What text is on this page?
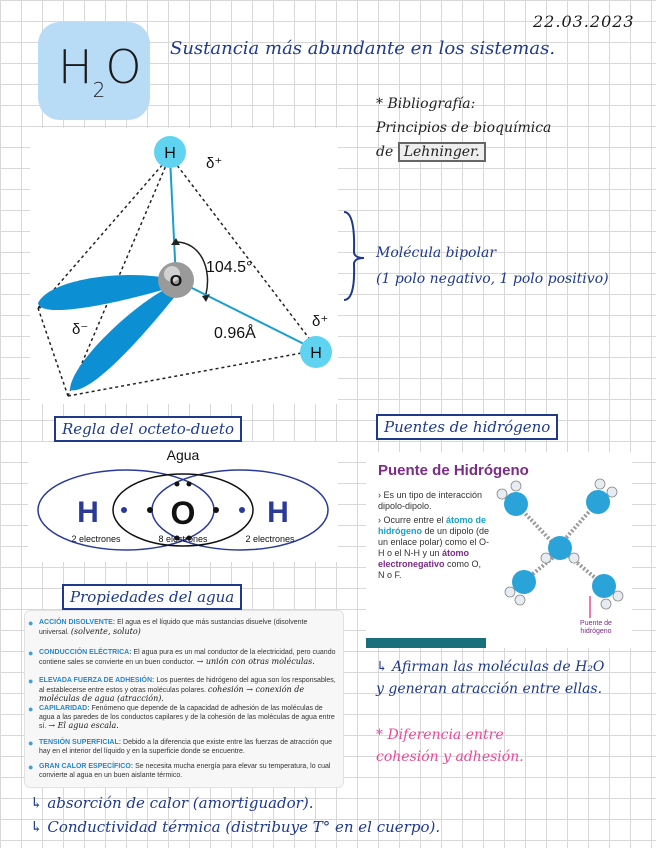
22.03.2023
$H_2O$ Sustancia más abundante en los sistemas.
* Bibliografía:
Principios de bioquímica
de Lehninger.
H
O
H
δ⁺
δ⁺
δ⁻
104.5°
0.96Å
Molécula bipolar
(1 polo negativo, 1 polo positivo)
Regla del octeto-dueto
Agua
H O H
2 electrones	8 electrones	2 electrones
Puentes de hidrógeno
Puente de Hidrógeno
› Es un tipo de interacción dipolo-dipolo.
› Ocurre entre el átomo de hidrógeno de un dipolo (de un enlace polar) como el O-H o el N-H y un átomo electronegativo como O, N o F.
Puente de hidrógeno
Propiedades del agua
● ACCIÓN DISOLVENTE: El agua es el líquido que más sustancias disuelve (disolvente universal. (solvente, soluto)
● CONDUCCIÓN ELÉCTRICA: El agua pura es un mal conductor de la electricidad, pero cuando contiene sales se convierte en un buen conductor. → unión con otras moléculas.
● ELEVADA FUERZA DE ADHESIÓN: Los puentes de hidrógeno del agua son los responsables, al establecerse entre estos y otras moléculas polares. cohesión → conexión de moléculas de agua (atracción).
● CAPILARIDAD: Fenómeno que depende de la capacidad de adhesión de las moléculas de agua a las paredes de los conductos capilares y de la cohesión de las moléculas de agua entre sí. → El agua escala.
● TENSIÓN SUPERFICIAL: Debido a la diferencia que existe entre las fuerzas de atracción que hay en el interior del líquido y en la superficie donde se encuentre.
● GRAN CALOR ESPECÍFICO: Se necesita mucha energía para elevar su temperatura, lo cual convierte al agua en un buen aislante térmico.
↳ Afirman las moléculas de H₂O
y generan atracción entre ellas.
* Diferencia entre
cohesión y adhesión.
↳ absorción de calor (amortiguador).
↳ Conductividad térmica (distribuye T° en el cuerpo).
